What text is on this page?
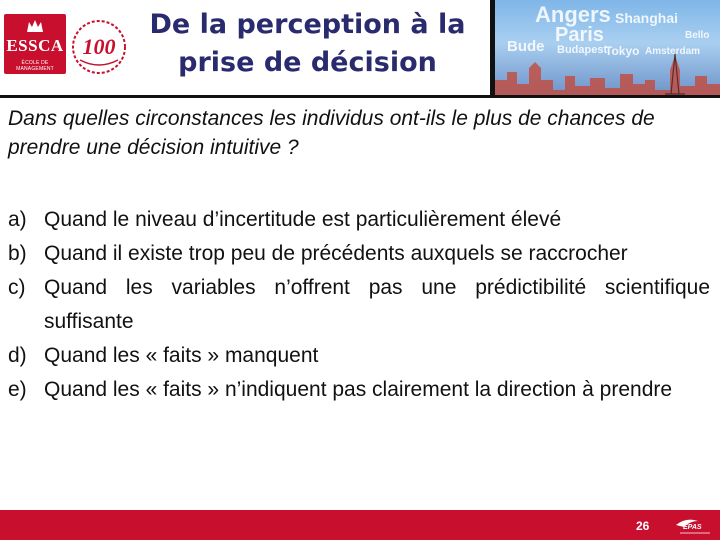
ESSCA
ÉCOLE DE MANAGEMENT
100
De la perception à la
prise de décision
Angers Shanghai
Paris
Bude Budapest
Tokyo Amsterdam
Bello
Dans quelles circonstances les individus ont-ils le plus de chances de prendre une décision intuitive ?
a) Quand le niveau d’incertitude est particulièrement élevé
b) Quand il existe trop peu de précédents auxquels se raccrocher
c) Quand les variables n’offrent pas une prédictibilité scientifique suffisante
d) Quand les « faits » manquent
e) Quand les « faits » n’indiquent pas clairement la direction à prendre
26	EPAS
